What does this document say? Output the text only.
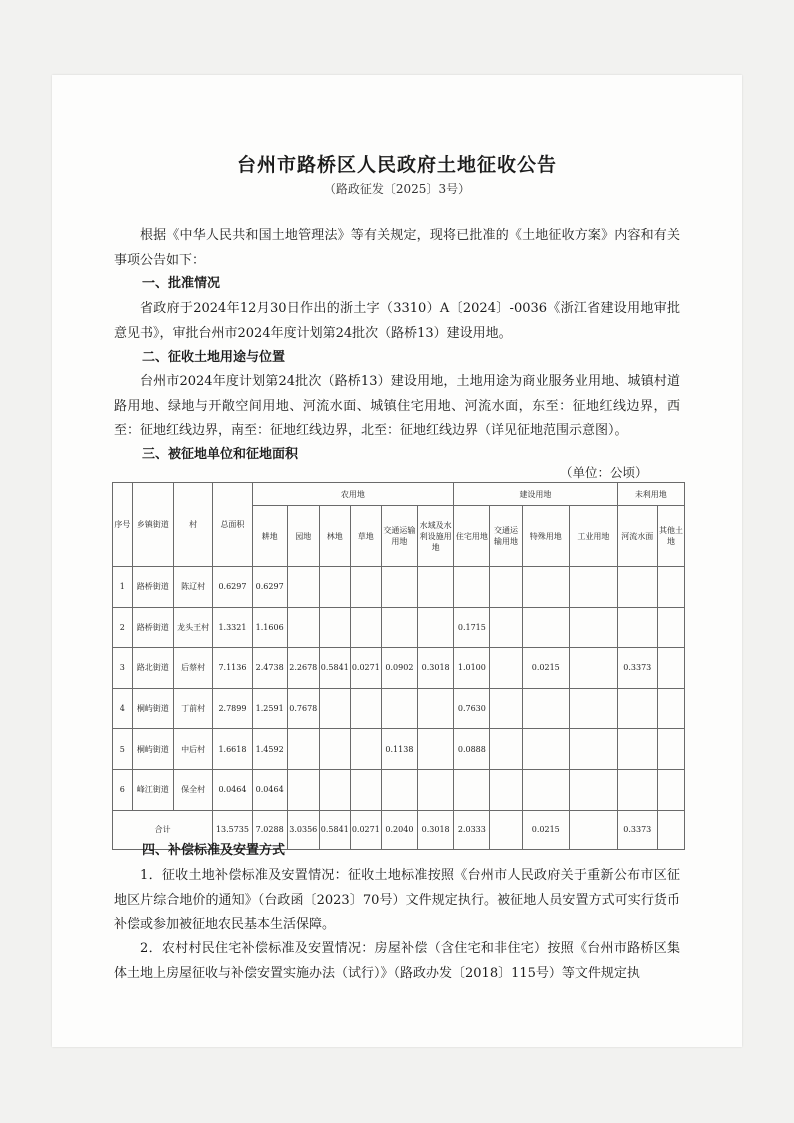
台州市路桥区人民政府土地征收公告
（路政征发〔2025〕3号）

根据《中华人民共和国土地管理法》等有关规定，现将已批准的《土地征收方案》内容和有关事项公告如下：

一、批准情况

省政府于2024年12月30日作出的浙土字（3310）A〔2024〕-0036《浙江省建设用地审批意见书》，审批台州市2024年度计划第24批次（路桥13）建设用地。

二、征收土地用途与位置

台州市2024年度计划第24批次（路桥13）建设用地，土地用途为商业服务业用地、城镇村道路用地、绿地与开敞空间用地、河流水面、城镇住宅用地、河流水面，东至：征地红线边界，西至：征地红线边界，南至：征地红线边界，北至：征地红线边界（详见征地范围示意图）。

三、被征地单位和征地面积

（单位：公顷）
序号	乡镇街道	村	总面积	农用地						建设用地				未利用地	
				耕地	园地	林地	草地	交通运输用地	水域及水利设施用地	住宅用地	交通运输用地	特殊用地	工业用地	河流水面	其他土地
1	路桥街道	陈辽村	0.6297	0.6297											
2	路桥街道	龙头王村	1.3321	1.1606						0.1715					
3	路北街道	后蔡村	7.1136	2.4738	2.2678	0.5841	0.0271	0.0902	0.3018	1.0100		0.0215		0.3373	
4	桐屿街道	丁前村	2.7899	1.2591	0.7678					0.7630					
5	桐屿街道	中后村	1.6618	1.4592				0.1138		0.0888					
6	峰江街道	保全村	0.0464	0.0464											
合计			13.5735	7.0288	3.0356	0.5841	0.0271	0.2040	0.3018	2.0333		0.0215		0.3373	

四、补偿标准及安置方式

1．征收土地补偿标准及安置情况：征收土地标准按照《台州市人民政府关于重新公布市区征地区片综合地价的通知》（台政函〔2023〕70号）文件规定执行。被征地人员安置方式可实行货币补偿或参加被征地农民基本生活保障。

2．农村村民住宅补偿标准及安置情况：房屋补偿（含住宅和非住宅）按照《台州市路桥区集体土地上房屋征收与补偿安置实施办法（试行）》（路政办发〔2018〕115号）等文件规定执
